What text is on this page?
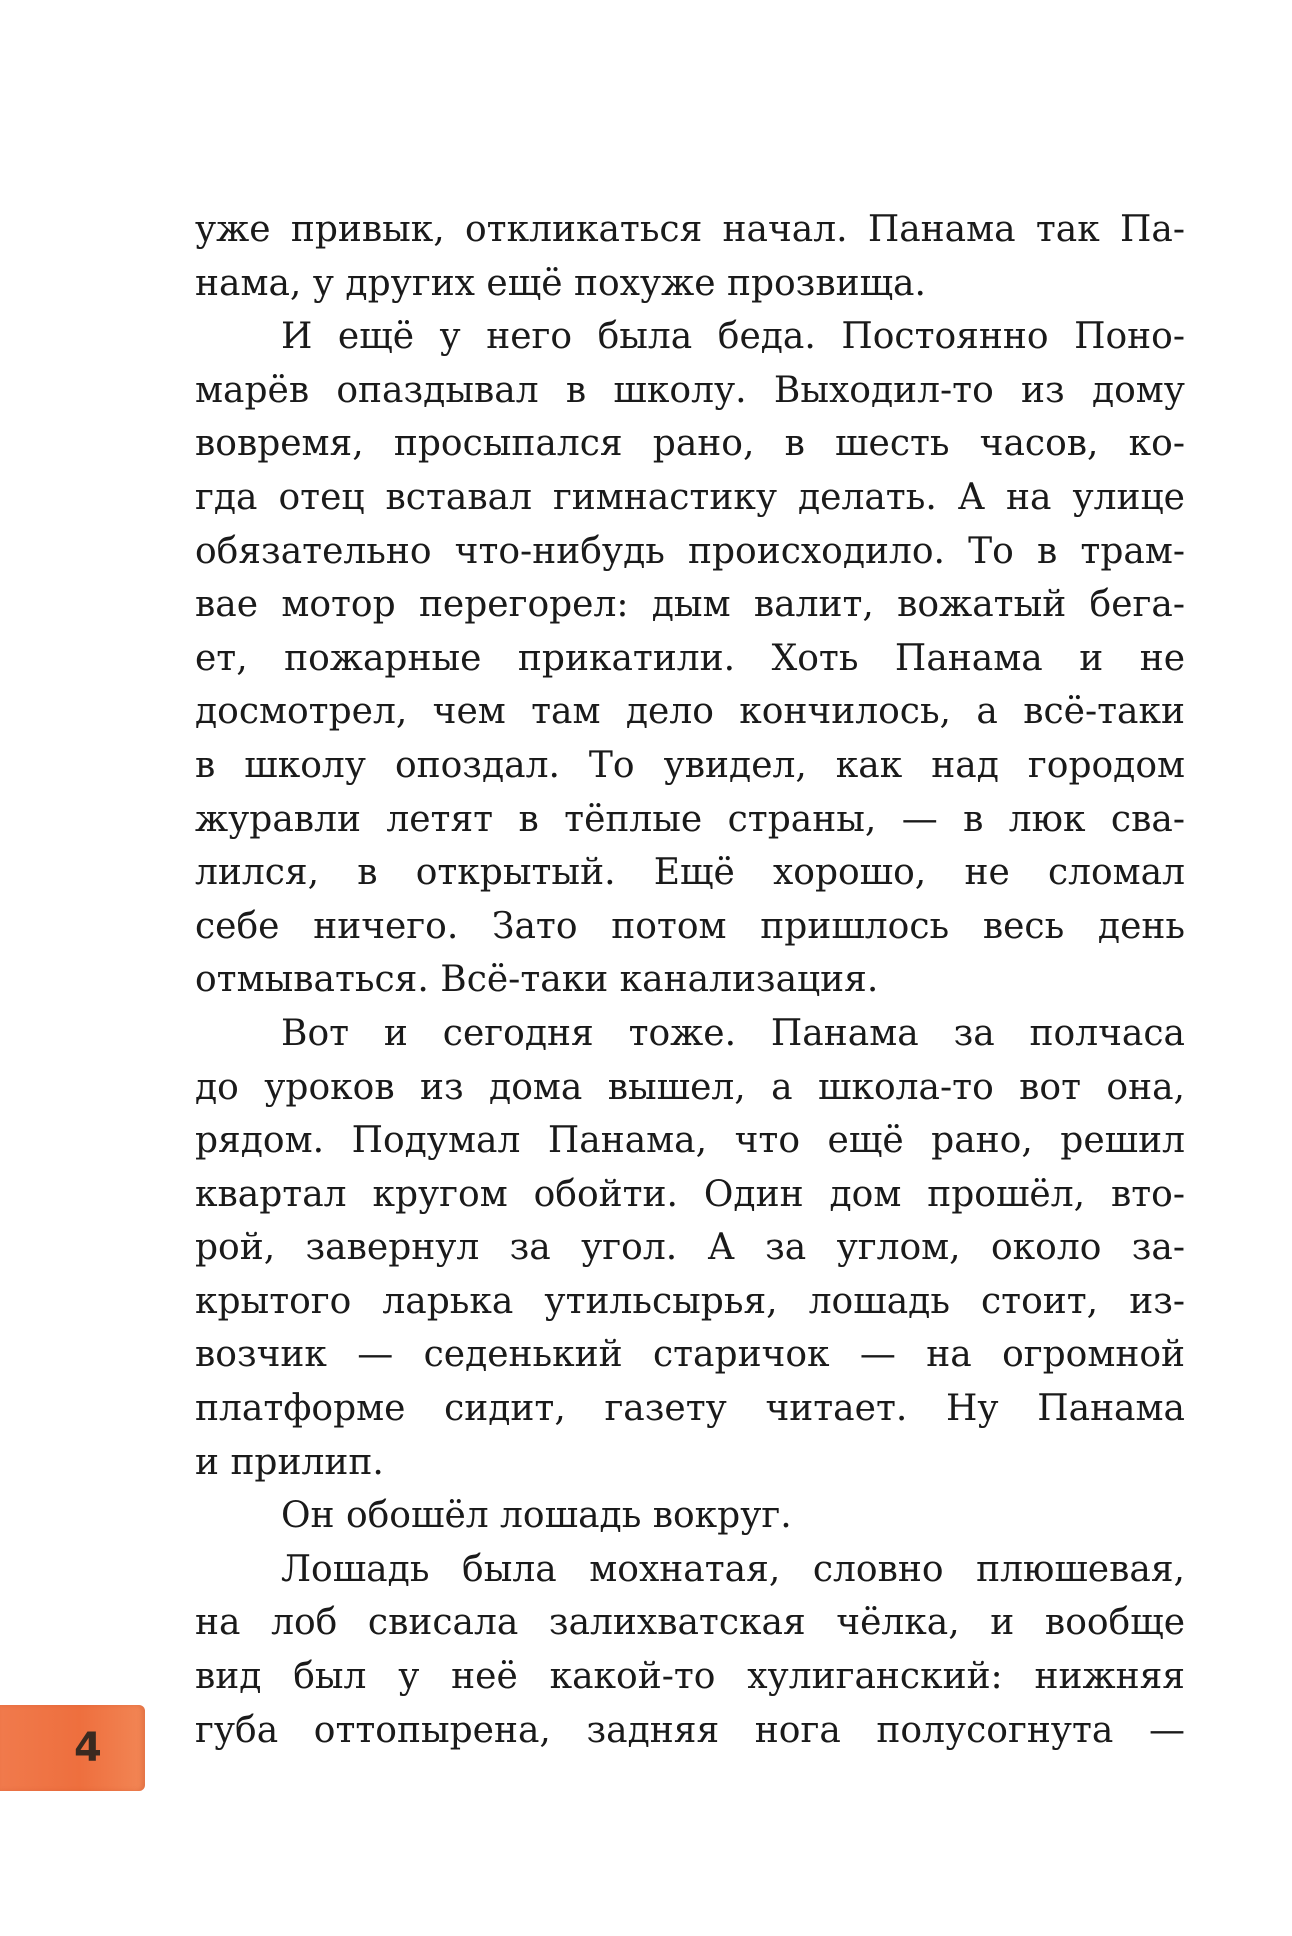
уже привык, откликаться начал. Панама так Па-
нама, у других ещё похуже прозвища.
И ещё у него была беда. Постоянно Поно-
марёв опаздывал в школу. Выходил-то из дому
вовремя, просыпался рано, в шесть часов, ко-
гда отец вставал гимнастику делать. А на улице
обязательно что-нибудь происходило. То в трам-
вае мотор перегорел: дым валит, вожатый бега-
ет, пожарные прикатили. Хоть Панама и не
досмотрел, чем там дело кончилось, а всё-таки
в школу опоздал. То увидел, как над городом
журавли летят в тёплые страны, — в люк сва-
лился, в открытый. Ещё хорошо, не сломал
себе ничего. Зато потом пришлось весь день
отмываться. Всё-таки канализация.
Вот и сегодня тоже. Панама за полчаса
до уроков из дома вышел, а школа-то вот она,
рядом. Подумал Панама, что ещё рано, решил
квартал кругом обойти. Один дом прошёл, вто-
рой, завернул за угол. А за углом, около за-
крытого ларька утильсырья, лошадь стоит, из-
возчик — седенький старичок — на огромной
платформе сидит, газету читает. Ну Панама
и прилип.
Он обошёл лошадь вокруг.
Лошадь была мохнатая, словно плюшевая,
на лоб свисала залихватская чёлка, и вообще
вид был у неё какой-то хулиганский: нижняя
губа оттопырена, задняя нога полусогнута —
4
